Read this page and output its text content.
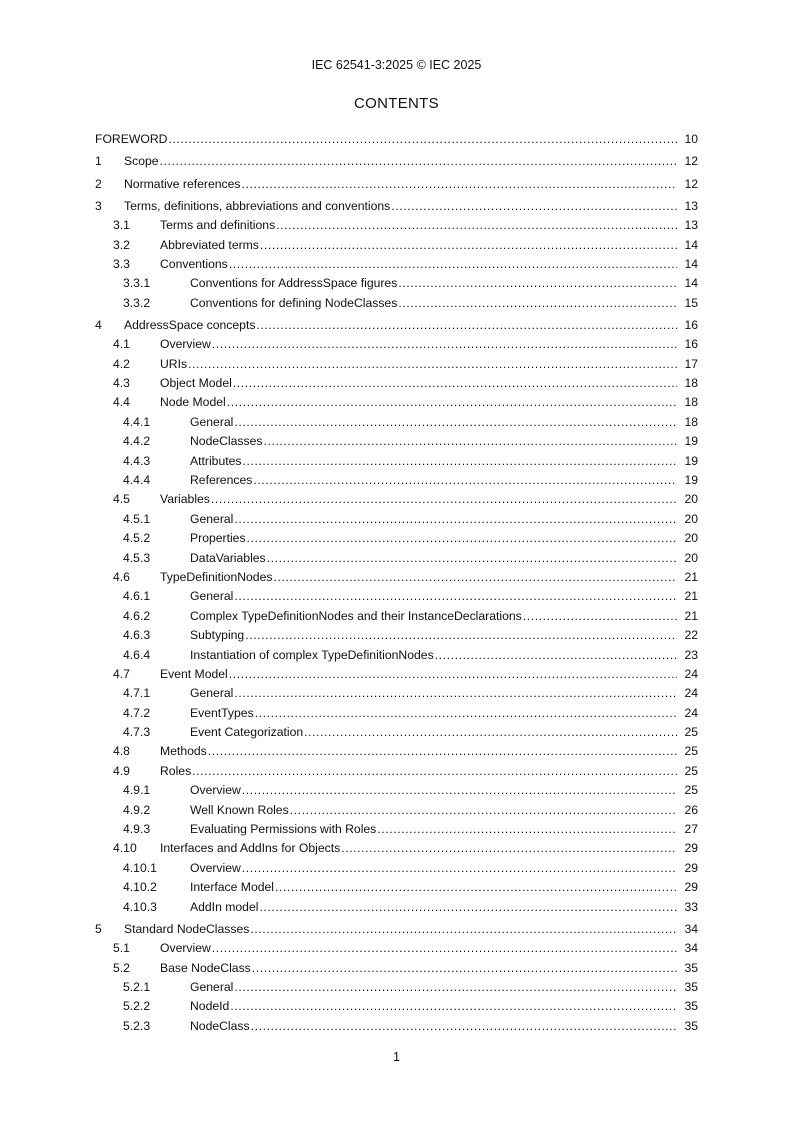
IEC 62541-3:2025 © IEC 2025
CONTENTS
FOREWORD .....	10
1 Scope .....	12
2 Normative references .....	12
3 Terms, definitions, abbreviations and conventions .....	13
3.1 Terms and definitions .....	13
3.2 Abbreviated terms .....	14
3.3 Conventions .....	14
3.3.1	Conventions for AddressSpace figures .....	14
3.3.2	Conventions for defining NodeClasses .....	15
4 AddressSpace concepts .....	16
4.1 Overview .....	16
4.2 URIs .....	17
4.3 Object Model .....	18
4.4 Node Model .....	18
4.4.1	General .....	18
4.4.2	NodeClasses .....	19
4.4.3	Attributes .....	19
4.4.4	References .....	19
4.5 Variables .....	20
4.5.1	General .....	20
4.5.2	Properties .....	20
4.5.3	DataVariables .....	20
4.6 TypeDefinitionNodes .....	21
4.6.1	General .....	21
4.6.2	Complex TypeDefinitionNodes and their InstanceDeclarations .....	21
4.6.3	Subtyping .....	22
4.6.4	Instantiation of complex TypeDefinitionNodes .....	23
4.7 Event Model .....	24
4.7.1	General .....	24
4.7.2	EventTypes .....	24
4.7.3	Event Categorization .....	25
4.8 Methods .....	25
4.9 Roles .....	25
4.9.1	Overview .....	25
4.9.2	Well Known Roles .....	26
4.9.3	Evaluating Permissions with Roles .....	27
4.10 Interfaces and AddIns for Objects .....	29
4.10.1	Overview .....	29
4.10.2	Interface Model .....	29
4.10.3	AddIn model .....	33
5 Standard NodeClasses .....	34
5.1 Overview .....	34
5.2 Base NodeClass .....	35
5.2.1	General .....	35
5.2.2	NodeId .....	35
5.2.3	NodeClass .....	35
1
